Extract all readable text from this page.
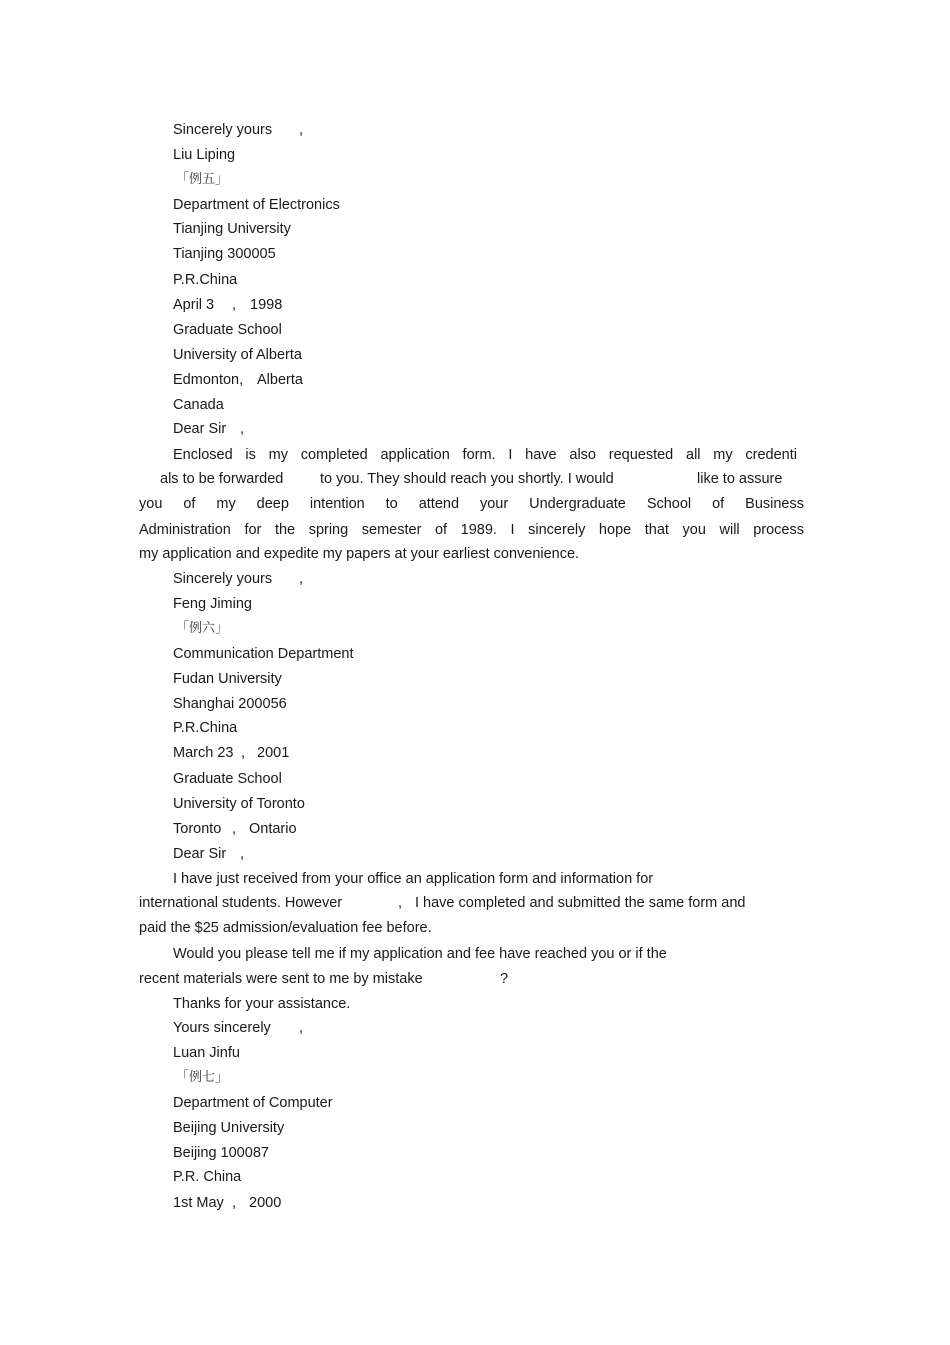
Sincerely yours ,
Liu Liping
「例五」
Department of Electronics
Tianjing University
Tianjing 300005
P.R.China
April 3 , 1998
Graduate School
University of Alberta
Edmonton, Alberta
Canada
Dear Sir ,
Enclosed is my completed application form. I have also requested all my credenti
als to be forwarded	to you. They should reach you shortly. I would	like to assure
you of my deep intention to attend your Undergraduate School of Business
Administration for the spring semester of 1989. I sincerely hope that you will process
my application and expedite my papers at your earliest convenience.
Sincerely yours ,
Feng Jiming
「例六」
Communication Department
Fudan University
Shanghai 200056
P.R.China
March 23 , 2001
Graduate School
University of Toronto
Toronto , Ontario
Dear Sir ,
I have just received from your office an application form and information for
international students. However	, I have completed and submitted the same form and
paid the $25 admission/evaluation fee before.
Would you please tell me if my application and fee have reached you or if the
recent materials were sent to me by mistake	?
Thanks for your assistance.
Yours sincerely ,
Luan Jinfu
「例七」
Department of Computer
Beijing University
Beijing 100087
P.R. China
1st May , 2000
